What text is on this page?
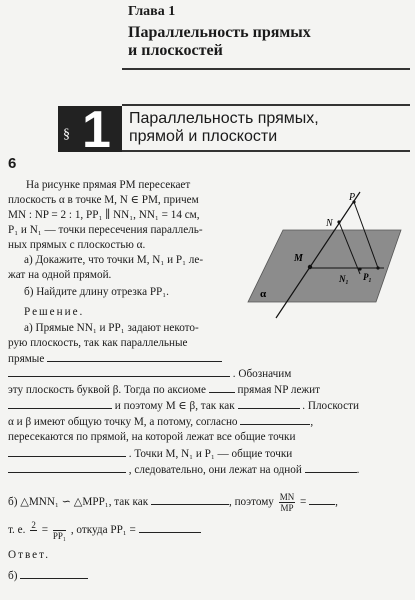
Глава 1
Параллельность прямых
и плоскостей
§ 1 Параллельность прямых,
прямой и плоскости
6
На рисунке прямая PM пересекает
плоскость α в точке M, N ∈ PM, причем
MN : NP = 2 : 1, PP₁ ∥ NN₁, NN₁ = 14 см,
P₁ и N₁ — точки пересечения параллель-
ных прямых с плоскостью α.
а) Докажите, что точки M, N₁ и P₁ ле-
жат на одной прямой.
б) Найдите длину отрезка PP₁.
Решение.
а) Прямые NN₁ и PP₁ задают некото-
рую плоскость, так как параллельные
прямые
. Обозначим
эту плоскость буквой β. Тогда по аксиоме	прямая NP лежит
и поэтому M ∈ β, так как	. Плоскости
α и β имеют общую точку M, а потому, согласно	,
пересекаются по прямой, на которой лежат все общие точки
. Точки M, N₁ и P₁ — общие точки
, следовательно, они лежат на одной	.
б) △MNN₁ ∽ △MPP₁, так как	, поэтому $\frac{MN}{MP}$ =	,
т. е. 2
=
PP₁ , откуда PP₁ =
Ответ.
б)
P
N
M
N₁ P₁
α
